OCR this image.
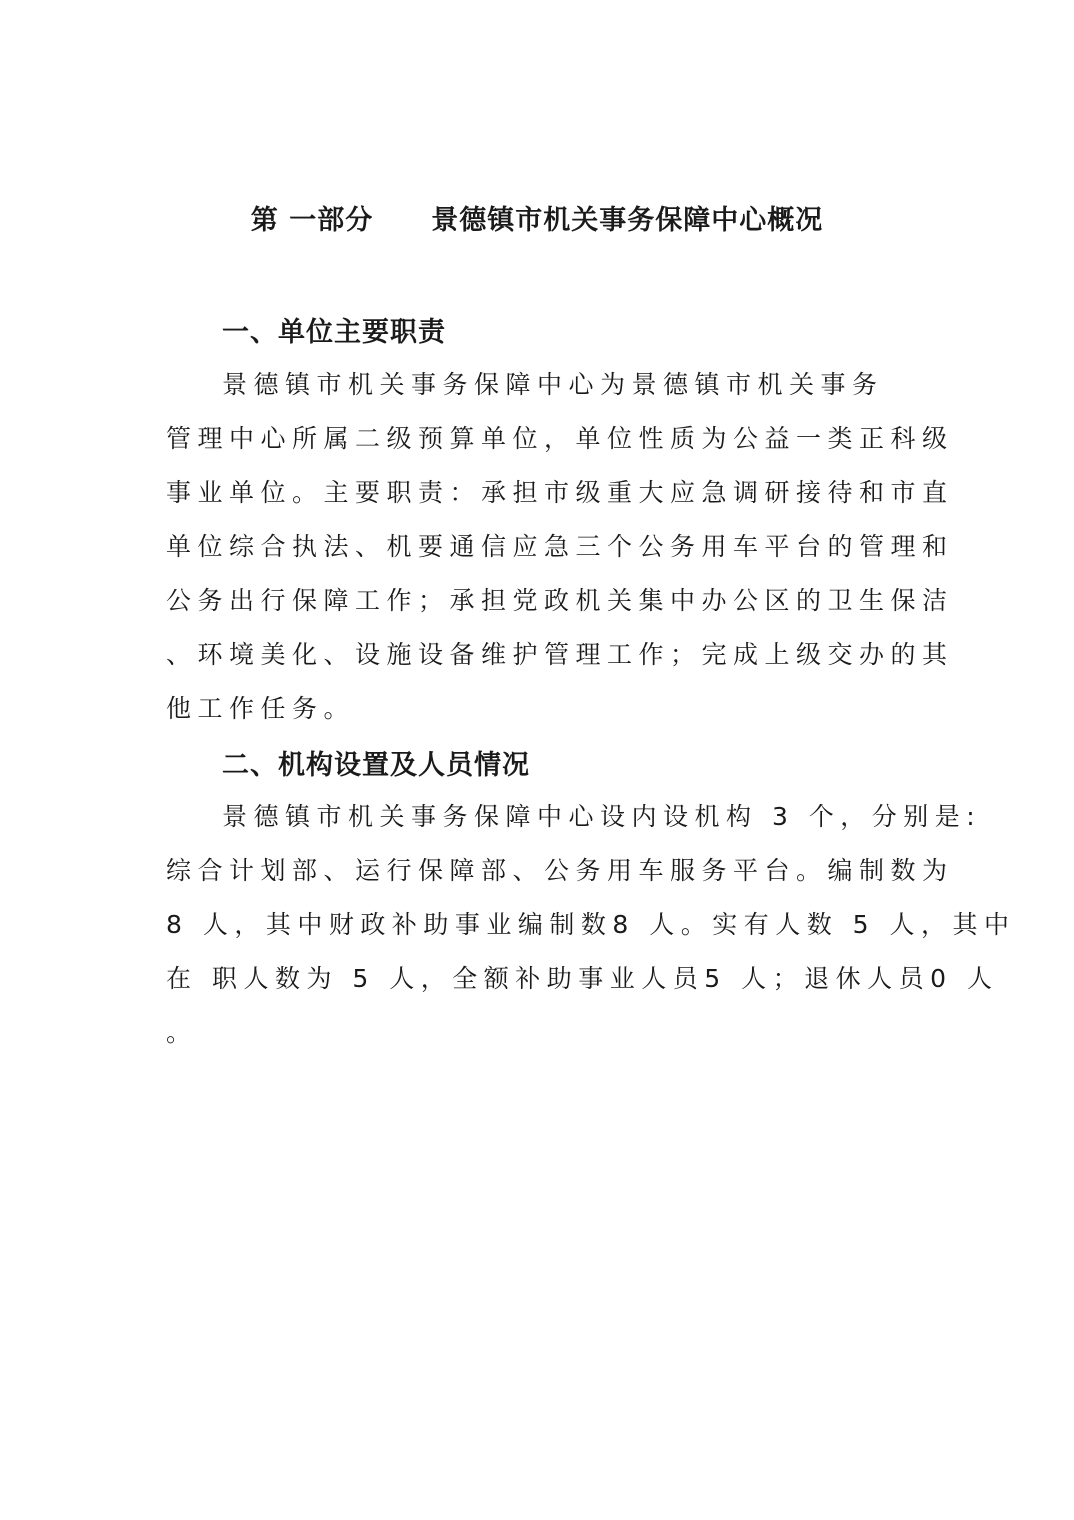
第 一部分 景德镇市机关事务保障中心概况
一、单位主要职责
景德镇市机关事务保障中心为景德镇市机关事务
管理中心所属二级预算单位，单位性质为公益一类正科级
事业单位。主要职责：承担市级重大应急调研接待和市直
单位综合执法、机要通信应急三个公务用车平台的管理和
公务出行保障工作；承担党政机关集中办公区的卫生保洁
、环境美化、设施设备维护管理工作；完成上级交办的其
他工作任务。
二、机构设置及人员情况
景德镇市机关事务保障中心设内设机构 3 个，分别是:
综合计划部、运行保障部、公务用车服务平台。编制数为
8 人，其中财政补助事业编制数8 人。实有人数 5 人，其中
在 职人数为 5 人，全额补助事业人员5 人；退休人员0 人
。
